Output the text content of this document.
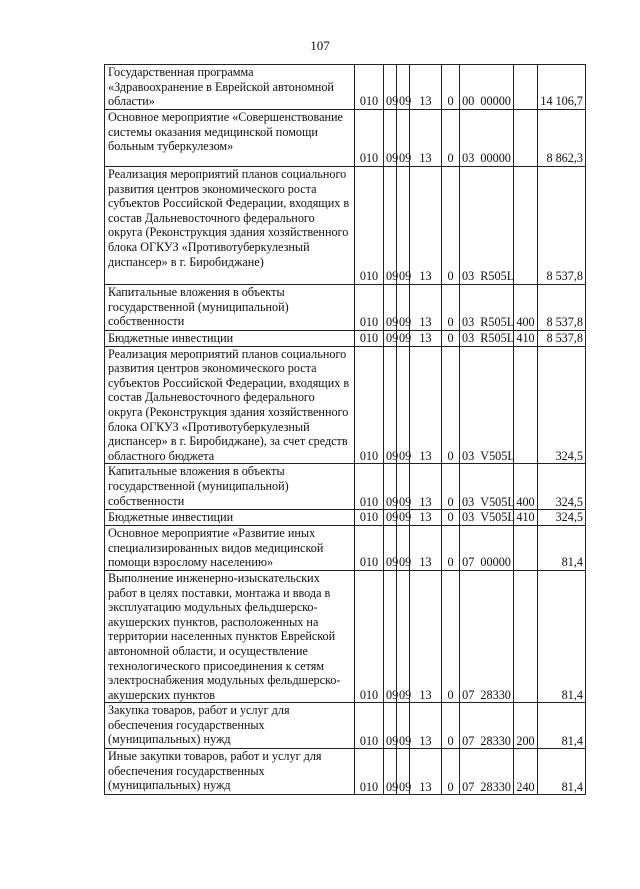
107
Государственная программа «Здравоохранение в Еврейской автономной области»	010	09	09	13	0	00 00000		14 106,7
Основное мероприятие «Совершенствование системы оказания медицинской помощи больным туберкулезом»	010	09	09	13	0	03 00000		8 862,3
Реализация мероприятий планов социального развития центров экономического роста субъектов Российской Федерации, входящих в состав Дальневосточного федерального округа (Реконструкция здания хозяйственного блока ОГКУЗ «Противотуберкулезный диспансер» в г. Биробиджане)	010	09	09	13	0	03 R505L		8 537,8
Капитальные вложения в объекты государственной (муниципальной) собственности	010	09	09	13	0	03 R505L	400	8 537,8
Бюджетные инвестиции	010	09	09	13	0	03 R505L	410	8 537,8
Реализация мероприятий планов социального развития центров экономического роста субъектов Российской Федерации, входящих в состав Дальневосточного федерального округа (Реконструкция здания хозяйственного блока ОГКУЗ «Противотуберкулезный диспансер» в г. Биробиджане), за счет средств областного бюджета	010	09	09	13	0	03 V505L		324,5
Капитальные вложения в объекты государственной (муниципальной) собственности	010	09	09	13	0	03 V505L	400	324,5
Бюджетные инвестиции	010	09	09	13	0	03 V505L	410	324,5
Основное мероприятие «Развитие иных специализированных видов медицинской помощи взрослому населению»	010	09	09	13	0	07 00000		81,4
Выполнение инженерно-изыскательских работ в целях поставки, монтажа и ввода в эксплуатацию модульных фельдшерско-акушерских пунктов, расположенных на территории населенных пунктов Еврейской автономной области, и осуществление технологического присоединения к сетям электроснабжения модульных фельдшерско-акушерских пунктов	010	09	09	13	0	07 28330		81,4
Закупка товаров, работ и услуг для обеспечения государственных (муниципальных) нужд	010	09	09	13	0	07 28330	200	81,4
Иные закупки товаров, работ и услуг для обеспечения государственных (муниципальных) нужд	010	09	09	13	0	07 28330	240	81,4
